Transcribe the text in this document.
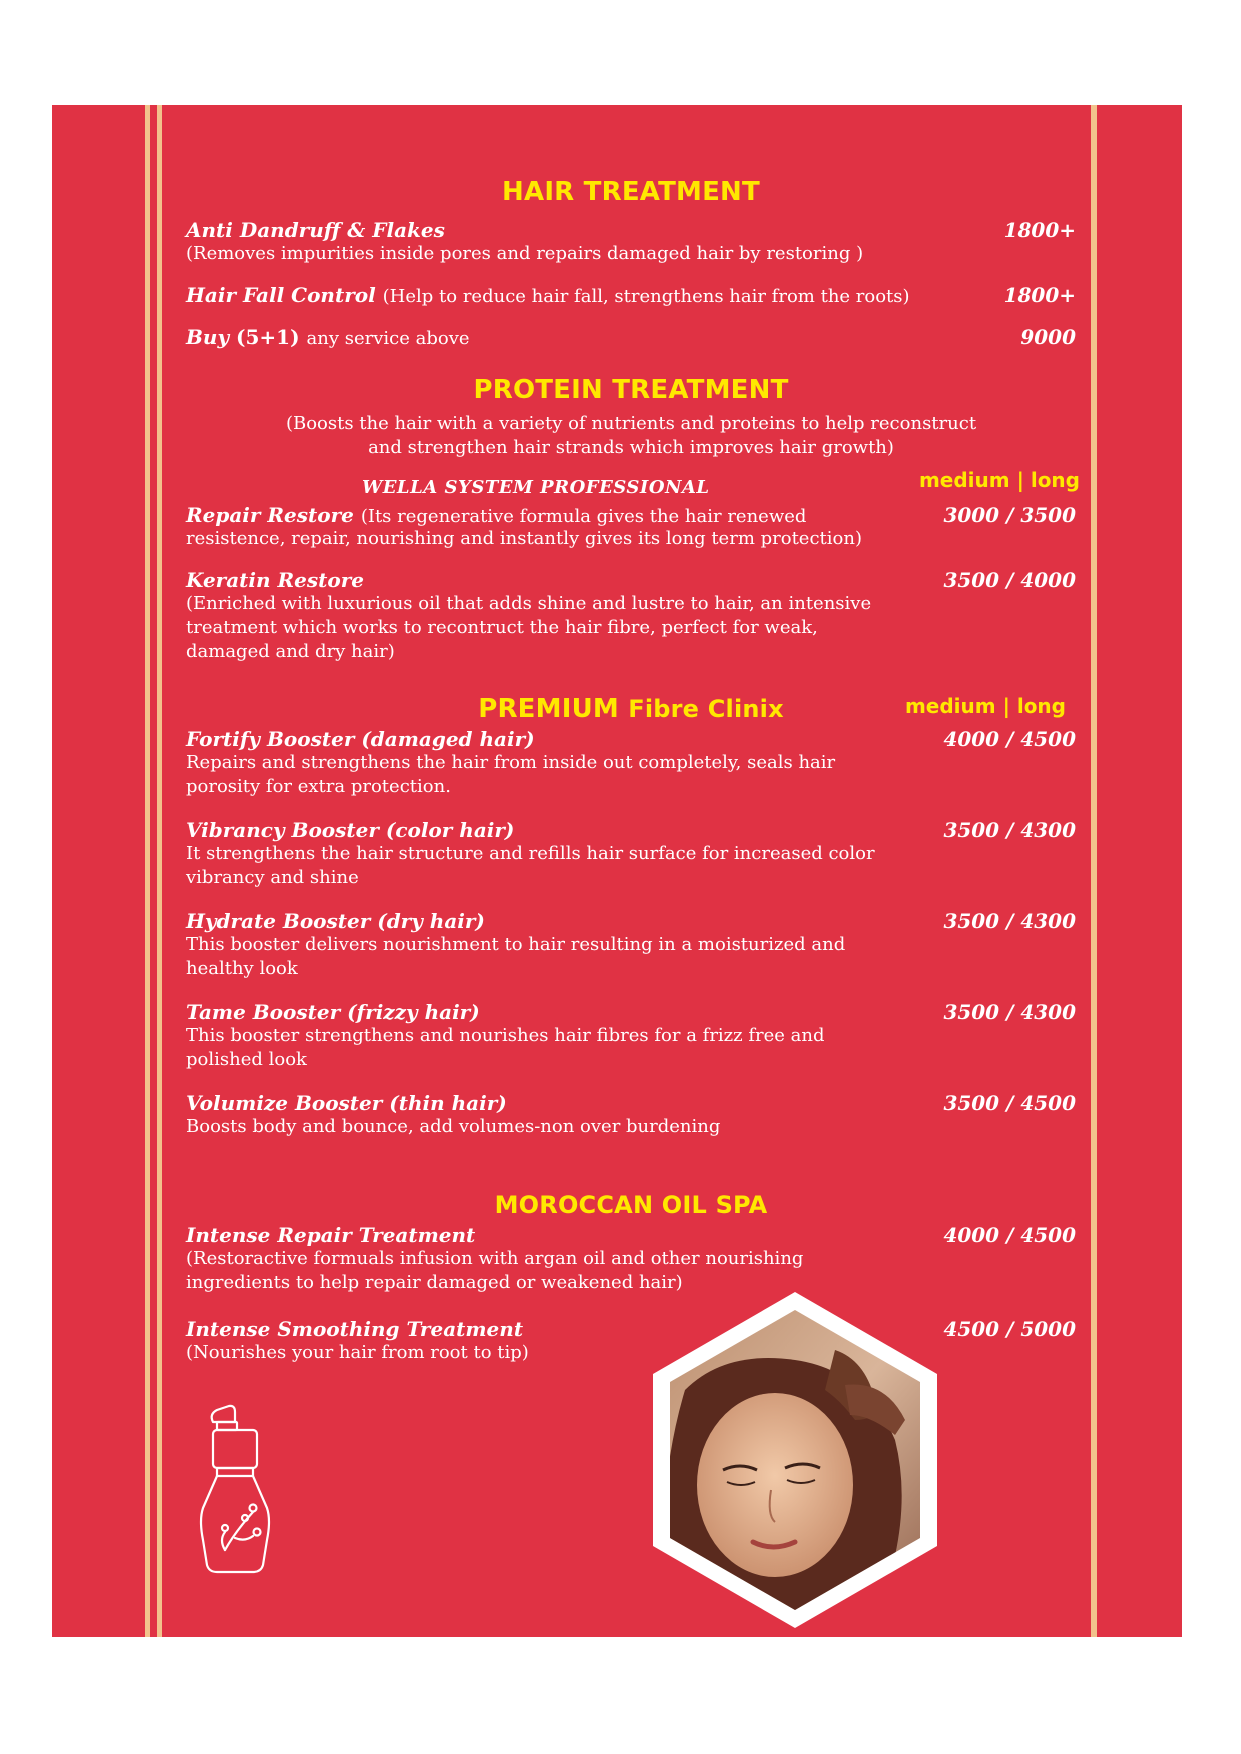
HAIR TREATMENT
Anti Dandruff & Flakes	1800+
(Removes impurities inside pores and repairs damaged hair by restoring )
Hair Fall Control (Help to reduce hair fall, strengthens hair from the roots)	1800+
Buy (5+1) any service above	9000
PROTEIN TREATMENT
(Boosts the hair with a variety of nutrients and proteins to help reconstruct
and strengthen hair strands which improves hair growth)
WELLA SYSTEM PROFESSIONAL	medium | long
Repair Restore (Its regenerative formula gives the hair renewed	3000 / 3500
resistence, repair, nourishing and instantly gives its long term protection)
Keratin Restore	3500 / 4000
(Enriched with luxurious oil that adds shine and lustre to hair, an intensive
treatment which works to recontruct the hair fibre, perfect for weak,
damaged and dry hair)
PREMIUM Fibre Clinix	medium | long
Fortify Booster (damaged hair)	4000 / 4500
Repairs and strengthens the hair from inside out completely, seals hair
porosity for extra protection.
Vibrancy Booster (color hair)	3500 / 4300
It strengthens the hair structure and refills hair surface for increased color
vibrancy and shine
Hydrate Booster (dry hair)	3500 / 4300
This booster delivers nourishment to hair resulting in a moisturized and
healthy look
Tame Booster (frizzy hair)	3500 / 4300
This booster strengthens and nourishes hair fibres for a frizz free and
polished look
Volumize Booster (thin hair)	3500 / 4500
Boosts body and bounce, add volumes-non over burdening
MOROCCAN OIL SPA
Intense Repair Treatment	4000 / 4500
(Restoractive formuals infusion with argan oil and other nourishing
ingredients to help repair damaged or weakened hair)
Intense Smoothing Treatment	4500 / 5000
(Nourishes your hair from root to tip)
